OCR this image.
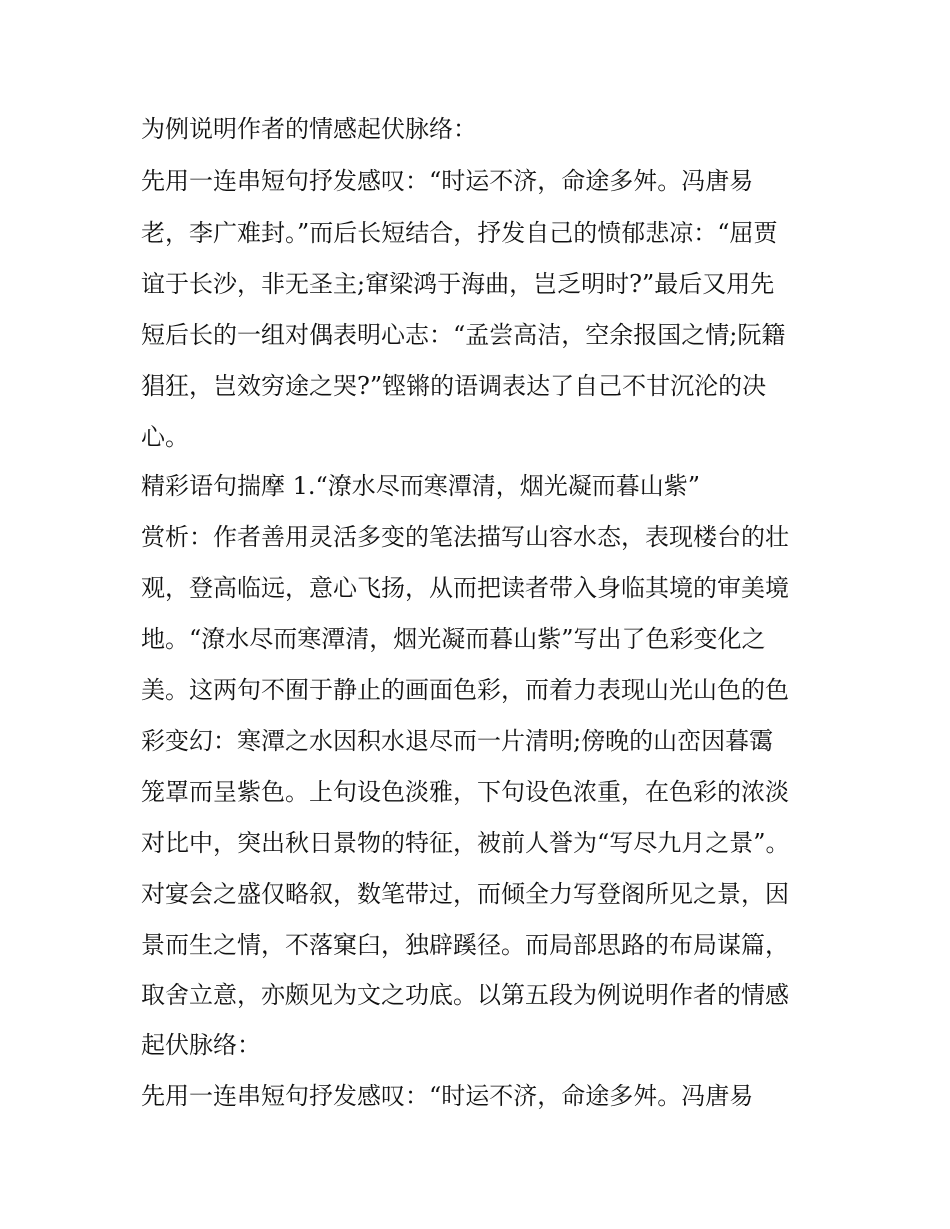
为例说明作者的情感起伏脉络：
先用一连串短句抒发感叹：“时运不济，命途多舛。冯唐易
老，李广难封。”而后长短结合，抒发自己的愤郁悲凉：“屈贾
谊于长沙，非无圣主;窜梁鸿于海曲，岂乏明时?”最后又用先
短后长的一组对偶表明心志：“孟尝高洁，空余报国之情;阮籍
猖狂，岂效穷途之哭?”铿锵的语调表达了自己不甘沉沦的决
心。
精彩语句揣摩 1.“潦水尽而寒潭清，烟光凝而暮山紫”
赏析：作者善用灵活多变的笔法描写山容水态，表现楼台的壮
观，登高临远，意心飞扬，从而把读者带入身临其境的审美境
地。“潦水尽而寒潭清，烟光凝而暮山紫”写出了色彩变化之
美。这两句不囿于静止的画面色彩，而着力表现山光山色的色
彩变幻：寒潭之水因积水退尽而一片清明;傍晚的山峦因暮霭
笼罩而呈紫色。上句设色淡雅，下句设色浓重，在色彩的浓淡
对比中，突出秋日景物的特征，被前人誉为“写尽九月之景”。
对宴会之盛仅略叙，数笔带过，而倾全力写登阁所见之景，因
景而生之情，不落窠臼，独辟蹊径。而局部思路的布局谋篇，
取舍立意，亦颇见为文之功底。以第五段为例说明作者的情感
起伏脉络：
先用一连串短句抒发感叹：“时运不济，命途多舛。冯唐易
